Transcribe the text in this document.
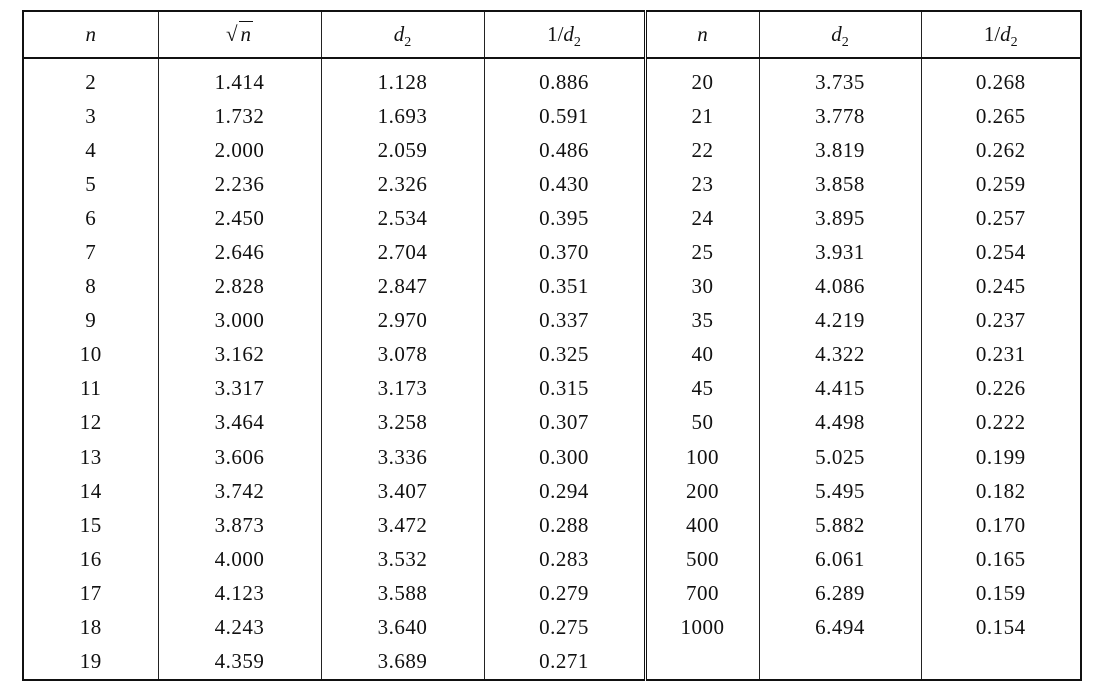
n	√ n	$d_2$	$1/d_2$	n	$d_2$	$1/d_2$
2	1.414	1.128	0.886	20	3.735	0.268
3	1.732	1.693	0.591	21	3.778	0.265
4	2.000	2.059	0.486	22	3.819	0.262
5	2.236	2.326	0.430	23	3.858	0.259
6	2.450	2.534	0.395	24	3.895	0.257
7	2.646	2.704	0.370	25	3.931	0.254
8	2.828	2.847	0.351	30	4.086	0.245
9	3.000	2.970	0.337	35	4.219	0.237
10	3.162	3.078	0.325	40	4.322	0.231
11	3.317	3.173	0.315	45	4.415	0.226
12	3.464	3.258	0.307	50	4.498	0.222
13	3.606	3.336	0.300	100	5.025	0.199
14	3.742	3.407	0.294	200	5.495	0.182
15	3.873	3.472	0.288	400	5.882	0.170
16	4.000	3.532	0.283	500	6.061	0.165
17	4.123	3.588	0.279	700	6.289	0.159
18	4.243	3.640	0.275	1000	6.494	0.154
19	4.359	3.689	0.271			
